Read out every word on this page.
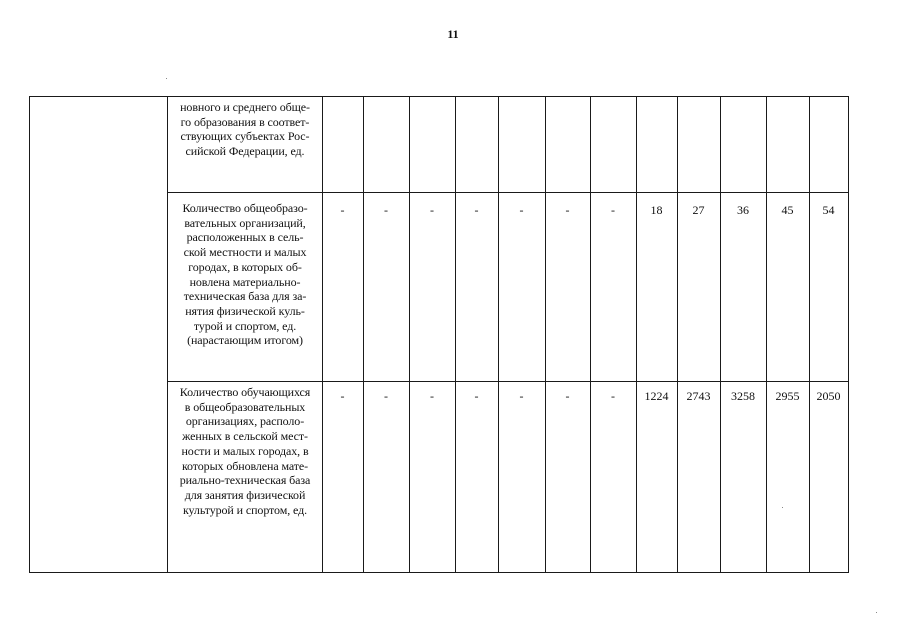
11
новного и среднего обще-
го образования в соответ-
ствующих субъектах Рос-
сийской Федерации, ед.
Количество общеобразо-
вательных организаций,
расположенных в сель-
ской местности и малых
городах, в которых об-
новлена материально-
техническая база для за-
нятия физической куль-
турой и спортом, ед.
(нарастающим итогом)
-	-	-	-	-	-	-	18	27	36	45	54
Количество обучающихся
в общеобразовательных
организациях, располо-
женных в сельской мест-
ности и малых городах, в
которых обновлена мате-
риально-техническая база
для занятия физической
культурой и спортом, ед.
-	-	-	-	-	-	-	1224	2743	3258	2955	2050
